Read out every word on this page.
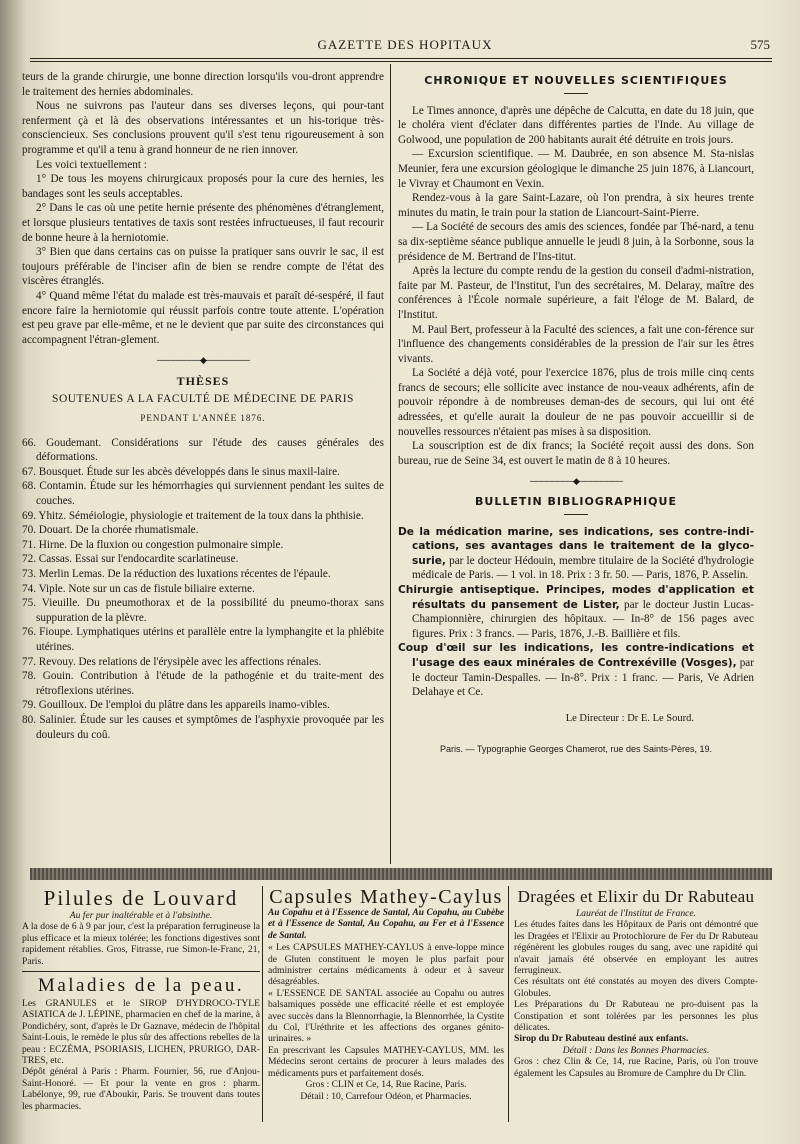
GAZETTE DES HOPITAUX	575

teurs de la grande chirurgie, une bonne direction lorsqu'ils vou-dront apprendre le traitement des hernies abdominales.

Nous ne suivrons pas l'auteur dans ses diverses leçons, qui pour-tant renferment çà et là des observations intéressantes et un his-torique très-consciencieux. Ses conclusions prouvent qu'il s'est tenu rigoureusement à son programme et qu'il a tenu à grand honneur de ne rien innover.

Les voici textuellement :

1° De tous les moyens chirurgicaux proposés pour la cure des hernies, les bandages sont les seuls acceptables.

2° Dans le cas où une petite hernie présente des phénomènes d'étranglement, et lorsque plusieurs tentatives de taxis sont restées infructueuses, il faut recourir de bonne heure à la herniotomie.

3° Bien que dans certains cas on puisse la pratiquer sans ouvrir le sac, il est toujours préférable de l'inciser afin de bien se rendre compte de l'état des viscères étranglés.

4° Quand même l'état du malade est très-mauvais et paraît dé-sespéré, il faut encore faire la herniotomie qui réussit parfois contre toute attente. L'opération est peu grave par elle-même, et ne le devient que par suite des circonstances qui accompagnent l'étran-glement.

────────◆────────
THÈSES
SOUTENUES A LA FACULTÉ DE MÉDECINE DE PARIS
PENDANT L'ANNÉE 1876.

66. Goudemant. Considérations sur l'étude des causes générales des déformations.

67. Bousquet. Étude sur les abcès développés dans le sinus maxil-laire.

68. Contamin. Étude sur les hémorrhagies qui surviennent pendant les suites de couches.

69. Yhitz. Séméiologie, physiologie et traitement de la toux dans la phthisie.

70. Douart. De la chorée rhumatismale.

71. Hirne. De la fluxion ou congestion pulmonaire simple.

72. Cassas. Essai sur l'endocardite scarlatineuse.

73. Merlin Lemas. De la réduction des luxations récentes de l'épaule.

74. Viple. Note sur un cas de fistule biliaire externe.

75. Vieuille. Du pneumothorax et de la possibilité du pneumo-thorax sans suppuration de la plèvre.

76. Fioupe. Lymphatiques utérins et parallèle entre la lymphangite et la phlébite utérines.

77. Revouy. Des relations de l'érysipèle avec les affections rénales.

78. Gouin. Contribution à l'étude de la pathogénie et du traite-ment des rétroflexions utérines.

79. Gouilloux. De l'emploi du plâtre dans les appareils inamo-vibles.

80. Salinier. Étude sur les causes et symptômes de l'asphyxie provoquée par les douleurs du coû.

CHRONIQUE ET NOUVELLES SCIENTIFIQUES

Le Times annonce, d'après une dépêche de Calcutta, en date du 18 juin, que le choléra vient d'éclater dans différentes parties de l'Inde. Au village de Golwood, une population de 200 habitants aurait été détruite en trois jours.

— Excursion scientifique. — M. Daubrée, en son absence M. Sta-nislas Meunier, fera une excursion géologique le dimanche 25 juin 1876, à Liancourt, le Vivray et Chaumont en Vexin.

Rendez-vous à la gare Saint-Lazare, où l'on prendra, à six heures trente minutes du matin, le train pour la station de Liancourt-Saint-Pierre.

— La Société de secours des amis des sciences, fondée par Thé-nard, a tenu sa dix-septième séance publique annuelle le jeudi 8 juin, à la Sorbonne, sous la présidence de M. Bertrand de l'Ins-titut.

Après la lecture du compte rendu de la gestion du conseil d'admi-nistration, faite par M. Pasteur, de l'Institut, l'un des secrétaires, M. Delaray, maître des conférences à l'École normale supérieure, a fait l'éloge de M. Balard, de l'Institut.

M. Paul Bert, professeur à la Faculté des sciences, a fait une con-férence sur l'influence des changements considérables de la pression de l'air sur les êtres vivants.

La Société a déjà voté, pour l'exercice 1876, plus de trois mille cinq cents francs de secours; elle sollicite avec instance de nou-veaux adhérents, afin de pouvoir répondre à de nombreuses deman-des de secours, qui lui ont été adressées, et qu'elle aurait la douleur de ne pas pouvoir accueillir si de nouvelles ressources n'étaient pas mises à sa disposition.

La souscription est de dix francs; la Société reçoit aussi des dons. Son bureau, rue de Seine 34, est ouvert le matin de 8 à 10 heures.

────────◆────────
BULLETIN BIBLIOGRAPHIQUE

De la médication marine, ses indications, ses contre-indi-cations, ses avantages dans le traitement de la glyco-surie, par le docteur Hédouin, membre titulaire de la Société d'hydrologie médicale de Paris. — 1 vol. in 18. Prix : 3 fr. 50. — Paris, 1876, P. Asselin.

Chirurgie antiseptique. Principes, modes d'application et résultats du pansement de Lister, par le docteur Justin Lucas-Championnière, chirurgien des hôpitaux. — In-8° de 156 pages avec figures. Prix : 3 francs. — Paris, 1876, J.-B. Baillière et fils.

Coup d'œil sur les indications, les contre-indications et l'usage des eaux minérales de Contrexéville (Vosges), par le docteur Tamin-Despalles. — In-8°. Prix : 1 franc. — Paris, Ve Adrien Delahaye et Ce.

Le Directeur : Dr E. Le Sourd.
Paris. — Typographie Georges Chamerot, rue des Saints-Pères, 19.
Pilules de Louvard

Au fer pur inaltérable et à l'absinthe.

A la dose de 6 à 9 par jour, c'est la préparation ferrugineuse la plus efficace et la mieux tolérée; les fonctions digestives sont rapidement rétablies. Gros, Fitrasse, rue Simon-le-Franc, 21, Paris.

Maladies de la peau.

Les GRANULES et le SIROP D'HYDROCO-TYLE ASIATICA de J. LÉPINE, pharmacien en chef de la marine, à Pondichéry, sont, d'après le Dr Gaznave, médecin de l'hôpital Saint-Louis, le remède le plus sûr des affections rebelles de la peau : ECZÉMA, PSORIASIS, LICHEN, PRURIGO, DAR-TRES, etc.

Dépôt général à Paris : Pharm. Fournier, 56, rue d'Anjou-Saint-Honoré. — Et pour la vente en gros : pharm. Labélonye, 99, rue d'Aboukir, Paris. Se trouvent dans toutes les pharmacies.

Capsules Mathey-Caylus

Au Copahu et à l'Essence de Santal, Au Copahu, au Cubèbe et à l'Essence de Santal, Au Copahu, au Fer et à l'Essence de Santal.

« Les CAPSULES MATHEY-CAYLUS à enve-loppe mince de Gluten constituent le moyen le plus parfait pour administrer certains médicaments à odeur et à saveur désagréables.

« L'ESSENCE DE SANTAL associée au Copahu ou autres balsamiques possède une efficacité réelle et est employée avec succès dans la Blennorrhagie, la Blennorrhée, la Cystite du Col, l'Uréthrite et les affections des organes génito-urinaires. »

En prescrivant les Capsules MATHEY-CAYLUS, MM. les Médecins seront certains de procurer à leurs malades des médicaments purs et parfaitement dosés.

Gros : CLIN et Ce, 14, Rue Racine, Paris.

Détail : 10, Carrefour Odéon, et Pharmacies.

Dragées et Elixir du Dr Rabuteau

Lauréat de l'Institut de France.

Les études faites dans les Hôpitaux de Paris ont démontré que les Dragées et l'Elixir au Protochlorure de Fer du Dr Rabuteau régénèrent les globules rouges du sang, avec une rapidité qui n'avait jamais été observée en employant les autres ferrugineux.

Ces résultats ont été constatés au moyen des divers Compte-Globules.

Les Préparations du Dr Rabuteau ne pro-duisent pas la Constipation et sont tolérées par les personnes les plus délicates.

Sirop du Dr Rabuteau destiné aux enfants.

Détail : Dans les Bonnes Pharmacies.

Gros : chez Clin & Ce, 14, rue Racine, Paris, où l'on trouve également les Capsules au Bromure de Camphre du Dr Clin.
